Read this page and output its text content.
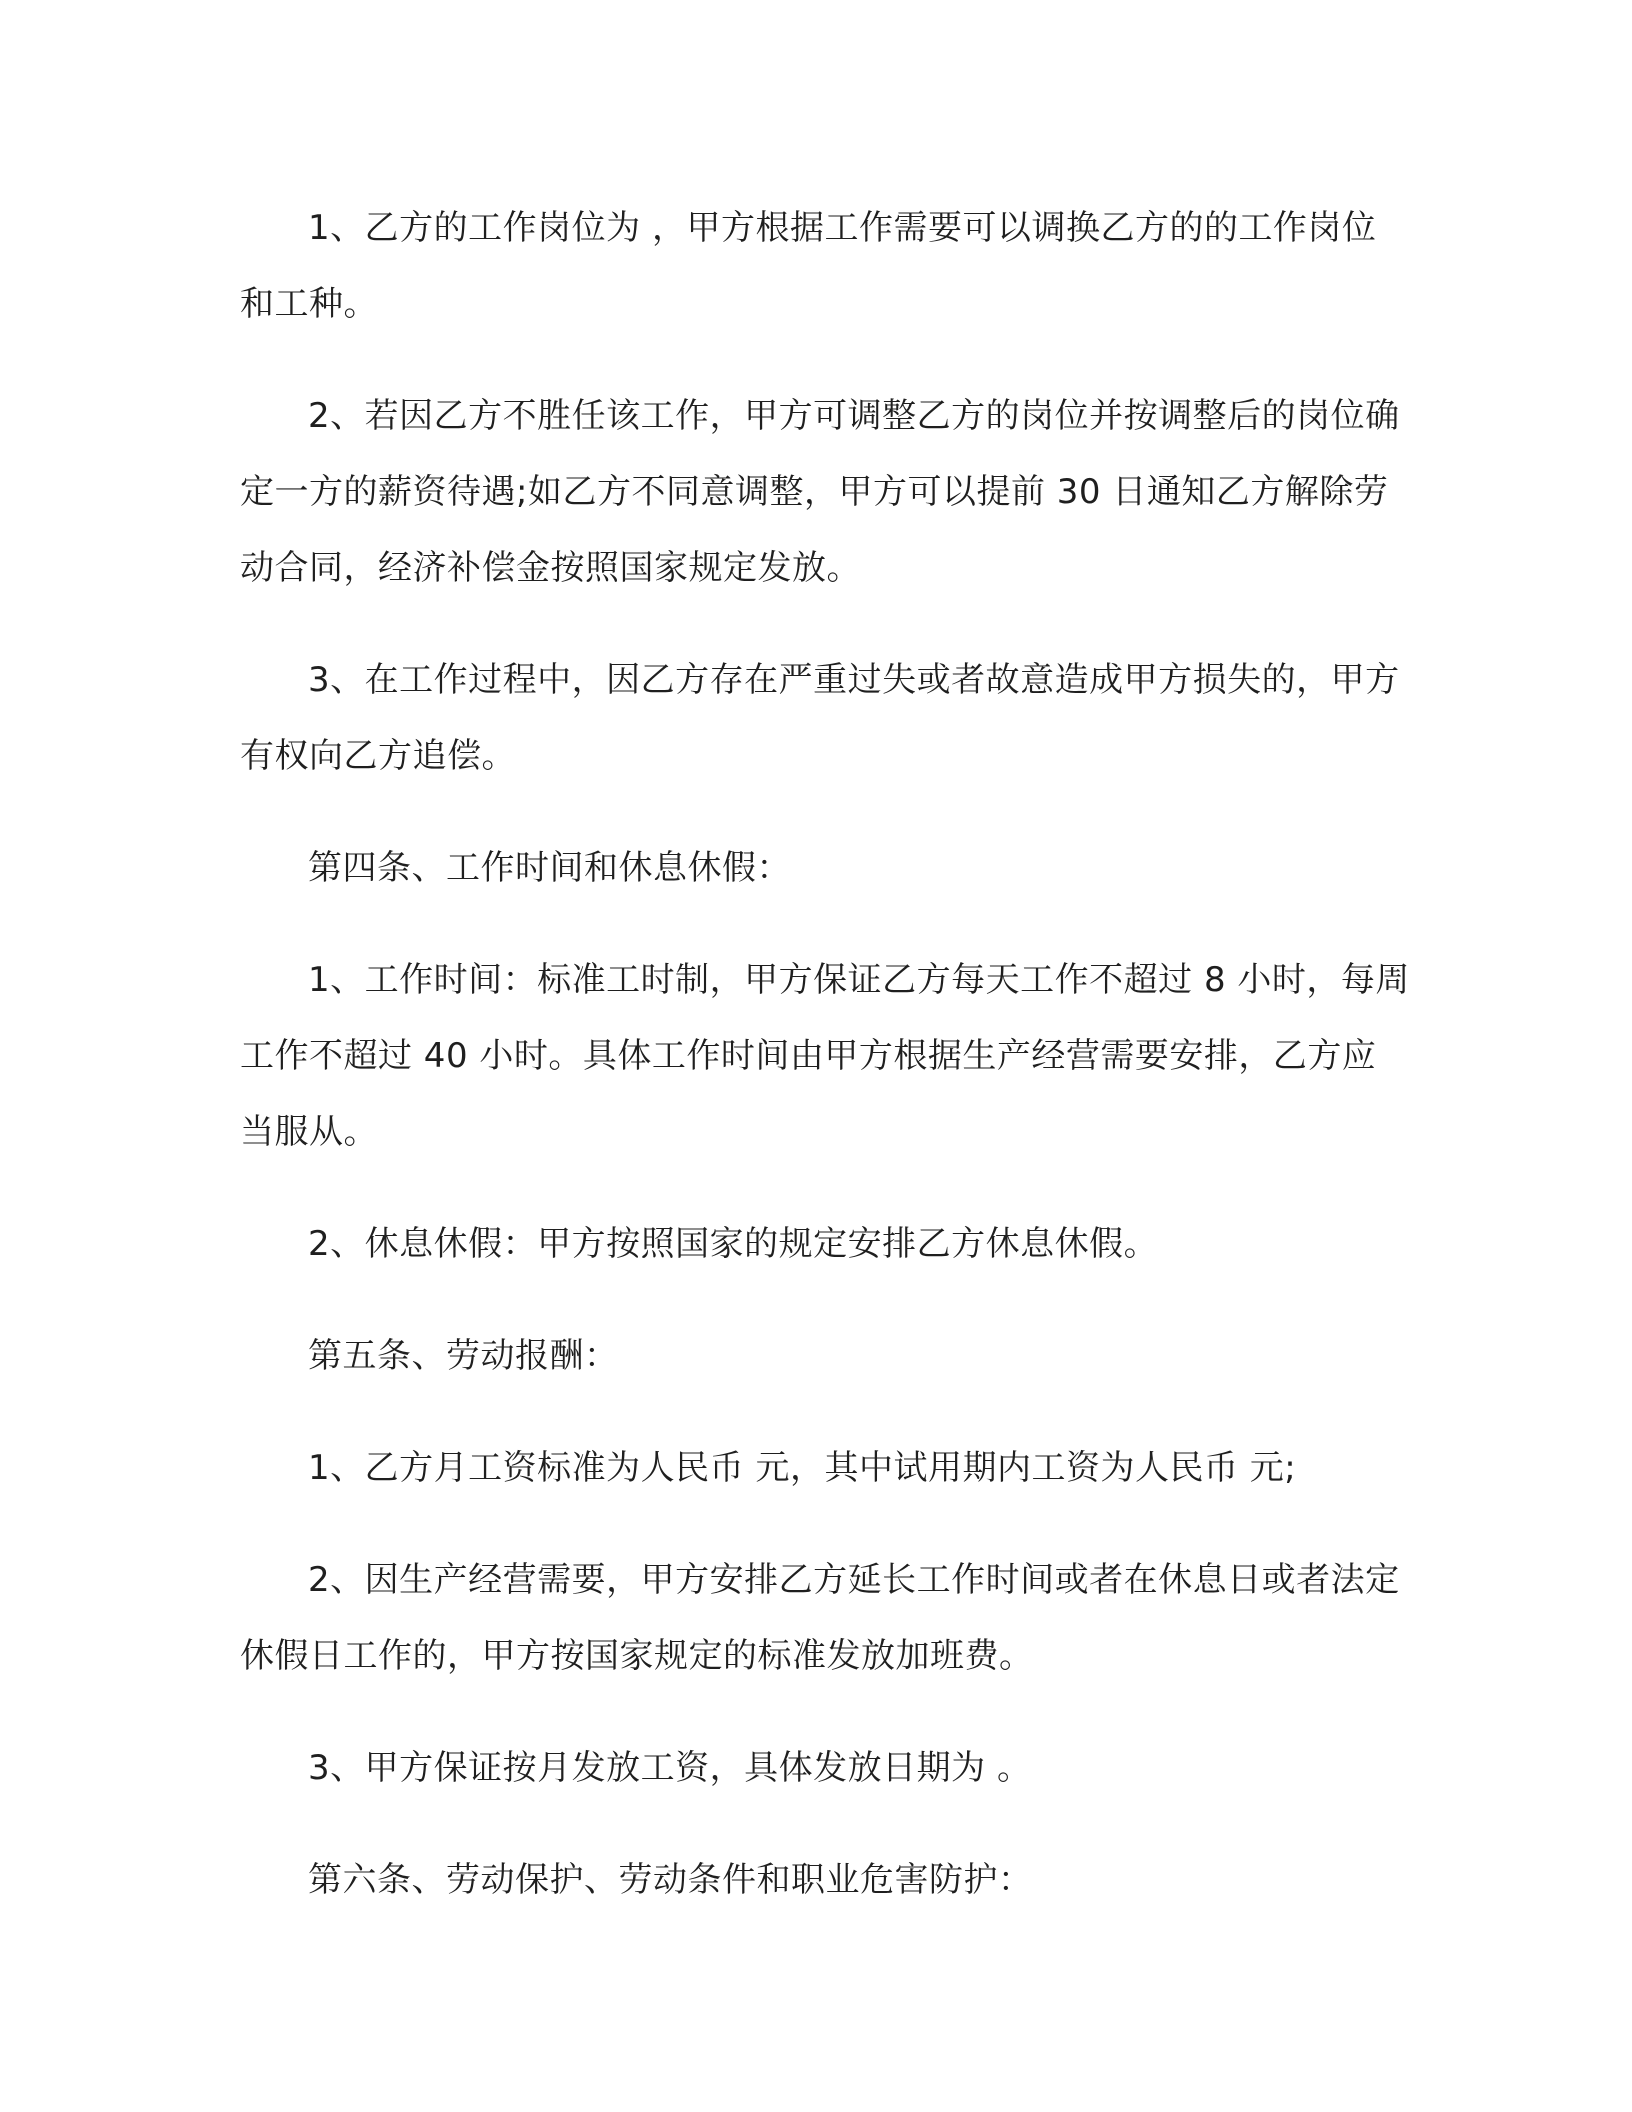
1、乙方的工作岗位为 ，甲方根据工作需要可以调换乙方的的工作岗位和工种。

2、若因乙方不胜任该工作，甲方可调整乙方的岗位并按调整后的岗位确定一方的薪资待遇;如乙方不同意调整，甲方可以提前 30 日通知乙方解除劳动合同，经济补偿金按照国家规定发放。

3、在工作过程中，因乙方存在严重过失或者故意造成甲方损失的，甲方有权向乙方追偿。

第四条、工作时间和休息休假：

1、工作时间：标准工时制，甲方保证乙方每天工作不超过 8 小时，每周工作不超过 40 小时。具体工作时间由甲方根据生产经营需要安排，乙方应当服从。

2、休息休假：甲方按照国家的规定安排乙方休息休假。

第五条、劳动报酬：

1、乙方月工资标准为人民币 元，其中试用期内工资为人民币 元;

2、因生产经营需要，甲方安排乙方延长工作时间或者在休息日或者法定休假日工作的，甲方按国家规定的标准发放加班费。

3、甲方保证按月发放工资，具体发放日期为 。

第六条、劳动保护、劳动条件和职业危害防护：
